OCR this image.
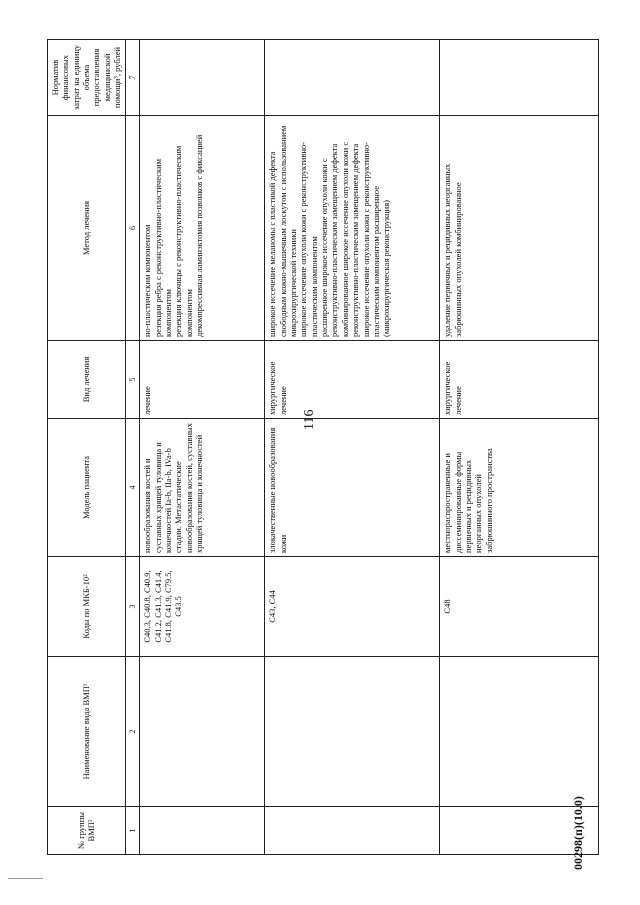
116
№ группы ВМП¹	Наименование вида ВМП¹	Коды по МКБ-10²	Модель пациента	Вид лечения	Метод лечения	Норматив финансовых затрат на единицу объема предоставления медицинской помощи³, рублей
1	2	3	4	5	6	7
		C40.3, C40.8, C40.9, C41.2, C41.3, C41.4, C41.8, C41.9, C79.5, C43.5	новообразования костей и суставных хрящей туловища и конечностей Ia-b, IIa-b, IVa-b стадии. Метастатические новообразования костей, суставных хрящей туловища и конечностей	лечение	но-пластическим компонентом резекция ребра с реконструктивно-пластическим компонентом резекция ключицы с реконструктивно-пластическим компонентом декомпрессивная ламинэктомия позвонков с фиксацией	

		C43, C44	злокачественные новообразования кожи	хирургическое лечение	широкое иссечение меланомы с пластикой дефекта свободным кожно-мышечным лоскутом с использованием микрохирургической техники широкое иссечение опухоли кожи с реконструктивно-пластическим компонентом расширенное широкое иссечение опухоли кожи с реконструктивно-пластическим замещением дефекта комбинированное широкое иссечение опухоли кожи с реконструктивно-пластическим замещением дефекта широкое иссечение опухоли кожи с реконструктивно-пластическим компонентом расширенное (микрохирургическая реконструкция)	

		C48	местнораспространенные и диссеминированные формы первичных и рецидивных неорганных опухолей забрюшинного пространства	хирургическое лечение	удаление первичных и рецидивных неорганных забрюшинных опухолей комбинированное	

00298(п)(10.0)
